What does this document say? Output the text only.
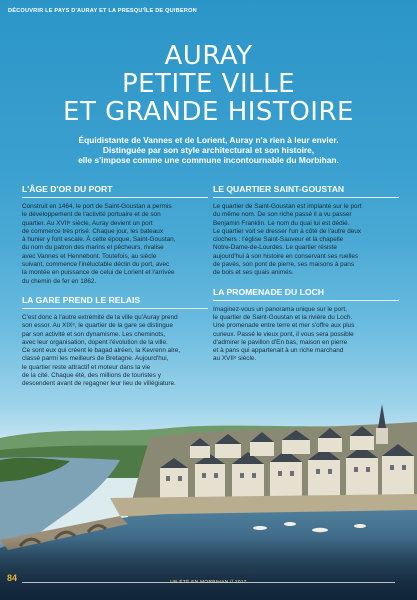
DÉCOUVRIR LE PAYS D'AURAY ET LA PRESQU'ÎLE DE QUIBERON
AURAY
PETITE VILLE
ET GRANDE HISTOIRE
Équidistante de Vannes et de Lorient, Auray n'a rien à leur envier.
Distinguée par son style architectural et son histoire,
elle s'impose comme une commune incontournable du Morbihan.
L'ÂGE D'OR DU PORT
Construit en 1464, le port de Saint-Goustan a permis
le développement de l'activité portuaire et de son
quartier. Au XVIIᵉ siècle, Auray devient un port
de commerce très prisé. Chaque jour, les bateaux
à hunier y font escale. À cette époque, Saint-Goustan,
du nom du patron des marins et pêcheurs, rivalise
avec Vannes et Hennebont. Toutefois, au siècle
suivant, commence l'inéluctable déclin du port, avec
la montée en puissance de celui de Lorient et l'arrivée
du chemin de fer en 1862.
LA GARE PREND LE RELAIS
C'est donc à l'autre extrémité de la ville qu'Auray prend
son essor. Au XIXᵉ, le quartier de la gare se distingue
par son activité et son dynamisme. Les cheminots,
avec leur organisation, dopent l'évolution de la ville.
Ce sont eux qui créent le bagad alréen, la Kevrenn alre,
classé parmi les meilleurs de Bretagne. Aujourd'hui,
le quartier reste attractif et moteur dans la vie
de la cité. Chaque été, des millions de touristes y
descendent avant de regagner leur lieu de villégiature.
LE QUARTIER SAINT-GOUSTAN
Le quartier de Saint-Goustan est implanté sur le port
du même nom. De son riche passé il a vu passer
Benjamin Franklin. Le nom du quai lui est dédié.
Le quartier voit se dresser l'un à côté de l'autre deux
clochers : l'église Saint-Sauveur et la chapelle
Notre-Dame-de-Lourdes. Le quartier résiste
aujourd'hui à son histoire en conservant ses ruelles
de pavés, son pont de pierre, ses maisons à pans
de bois et ses quais animés.
LA PROMENADE DU LOCH
Imaginez-vous un panorama unique sur le port,
le quartier de Saint-Goustan et la rivière du Loch.
Une promenade entre terre et mer s'offre aux plus
curieux. Passé le vieux pont, il vous sera possible
d'admirer le pavillon d'En bas, maison en pierre
et à pans qui appartenait à un riche marchand
au XVIIᵉ siècle.
84	UN ÉTÉ EN MORBIHAN // 2017
